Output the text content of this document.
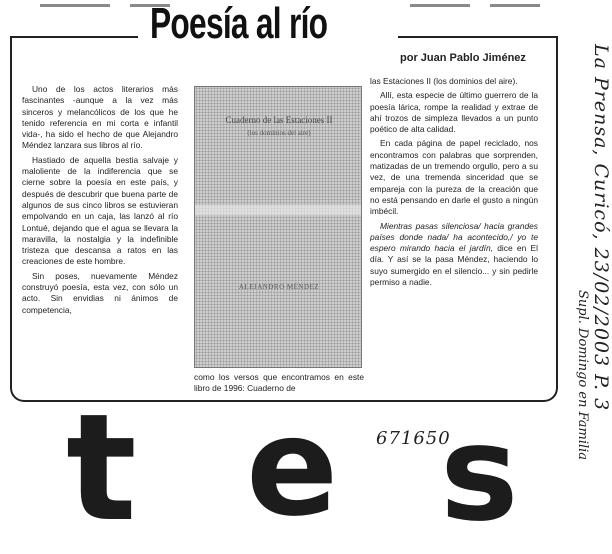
Poesía al río
por Juan Pablo Jiménez

Uno de los actos literarios más fascinantes -aunque a la vez más sinceros y melancólicos de los que he tenido referencia en mi corta e infantil vida-, ha sido el hecho de que Alejandro Méndez lanzara sus libros al río.

Hastiado de aquella bestia salvaje y maloliente de la indiferencia que se cierne sobre la poesía en este país, y después de descubrir que buena parte de algunos de sus cinco libros se estuvieran empolvando en un caja, las lanzó al río Lontué, dejando que el agua se llevara la maravilla, la nostalgia y la indefinible tristeza que descansa a ratos en las creaciones de este hombre.

Sin poses, nuevamente Méndez construyó poesía, esta vez, con sólo un acto. Sin envidias ni ánimos de competencia,

Cuaderno de las Estaciones II
(los dominios del aire)
ALEJANDRO MÉNDEZ

como los versos que encontramos en este libro de 1996: Cuaderno de

las Estaciones II (los dominios del aire).

Allí, esta especie de último guerrero de la poesía lárica, rompe la realidad y extrae de ahí trozos de simpleza llevados a un punto poético de alta calidad.

En cada página de papel reciclado, nos encontramos con palabras que sorprenden, matizadas de un tremendo orgullo, pero a su vez, de una tremenda sinceridad que se empareja con la pureza de la creación que no está pensando en darle el gusto a ningún imbécil.

Mientras pasas silenciosa/ hacia grandes países donde nada/ ha acontecido,/ yo te espero mirando hacia el jardín, dice en El día. Y así se la pasa Méndez, haciendo lo suyo sumergido en el silencio... y sin pedirle permiso a nadie.	La Prensa, Curicó, 23/02/2003 P. 3
Supl. Domingo en Familia
671650
t e s
